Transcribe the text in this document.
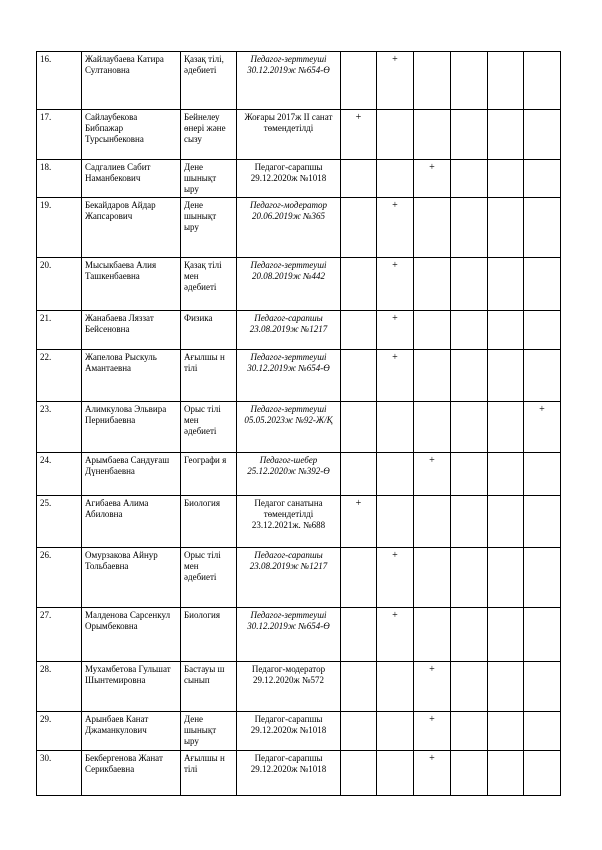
16.	Жайлаубаева Катира Султановна	Қазақ тілі, әдебиеті	Педагог-зерттеуші 30.12.2019ж №654-Ө		+				
17.	Сайлаубекова Бибпажар Турсынбековна	Бейнелеу өнері және сызу	Жоғары 2017ж ІІ санат төмендетілді	+					
18.	Садгалиев Сабит Наманбекович	Дене шынықт ыру	Педагог-сарапшы 29.12.2020ж №1018			+			
19.	Бекайдаров Айдар Жапсарович	Дене шынықт ыру	Педагог-модератор 20.06.2019ж №365		+				
20.	Мысыкбаева Алия Ташкенбаевна	Қазақ тілі мен әдебиеті	Педагог-зерттеуші 20.08.2019ж №442		+				
21.	Жанабаева Ляззат Бейсеновна	Физика	Педагог-сарапшы 23.08.2019ж №1217		+				
22.	Жапелова Рыскуль Амантаевна	Ағылшы н тілі	Педагог-зерттеуші 30.12.2019ж №654-Ө		+				
23.	Алимкулова Эльвира Пернибаевна	Орыс тілі мен әдебиеті	Педагог-зерттеуші 05.05.2023ж №92-Ж/Қ						+
24.	Арымбаева Сандуғаш Дүненбаевна	Географи я	Педагог-шебер 25.12.2020ж №392-Ө			+			
25.	Агибаева Алима Абиловна	Биология	Педагог санатына төмендетілді 23.12.2021ж. №688	+					
26.	Омурзакова Айнур Тольбаевна	Орыс тілі мен әдебиеті	Педагог-сарапшы 23.08.2019ж №1217		+				
27.	Малденова Сарсенкул Орымбековна	Биология	Педагог-зерттеуші 30.12.2019ж №654-Ө		+				
28.	Мухамбетова Гульшат Шынтемировна	Бастауы ш сынып	Педагог-модератор 29.12.2020ж №572			+			
29.	Арынбаев Канат Джаманкулович	Дене шынықт ыру	Педагог-сарапшы 29.12.2020ж №1018			+			
30.	Бекбергенова Жанат Серикбаевна	Ағылшы н тілі	Педагог-сарапшы 29.12.2020ж №1018			+			
